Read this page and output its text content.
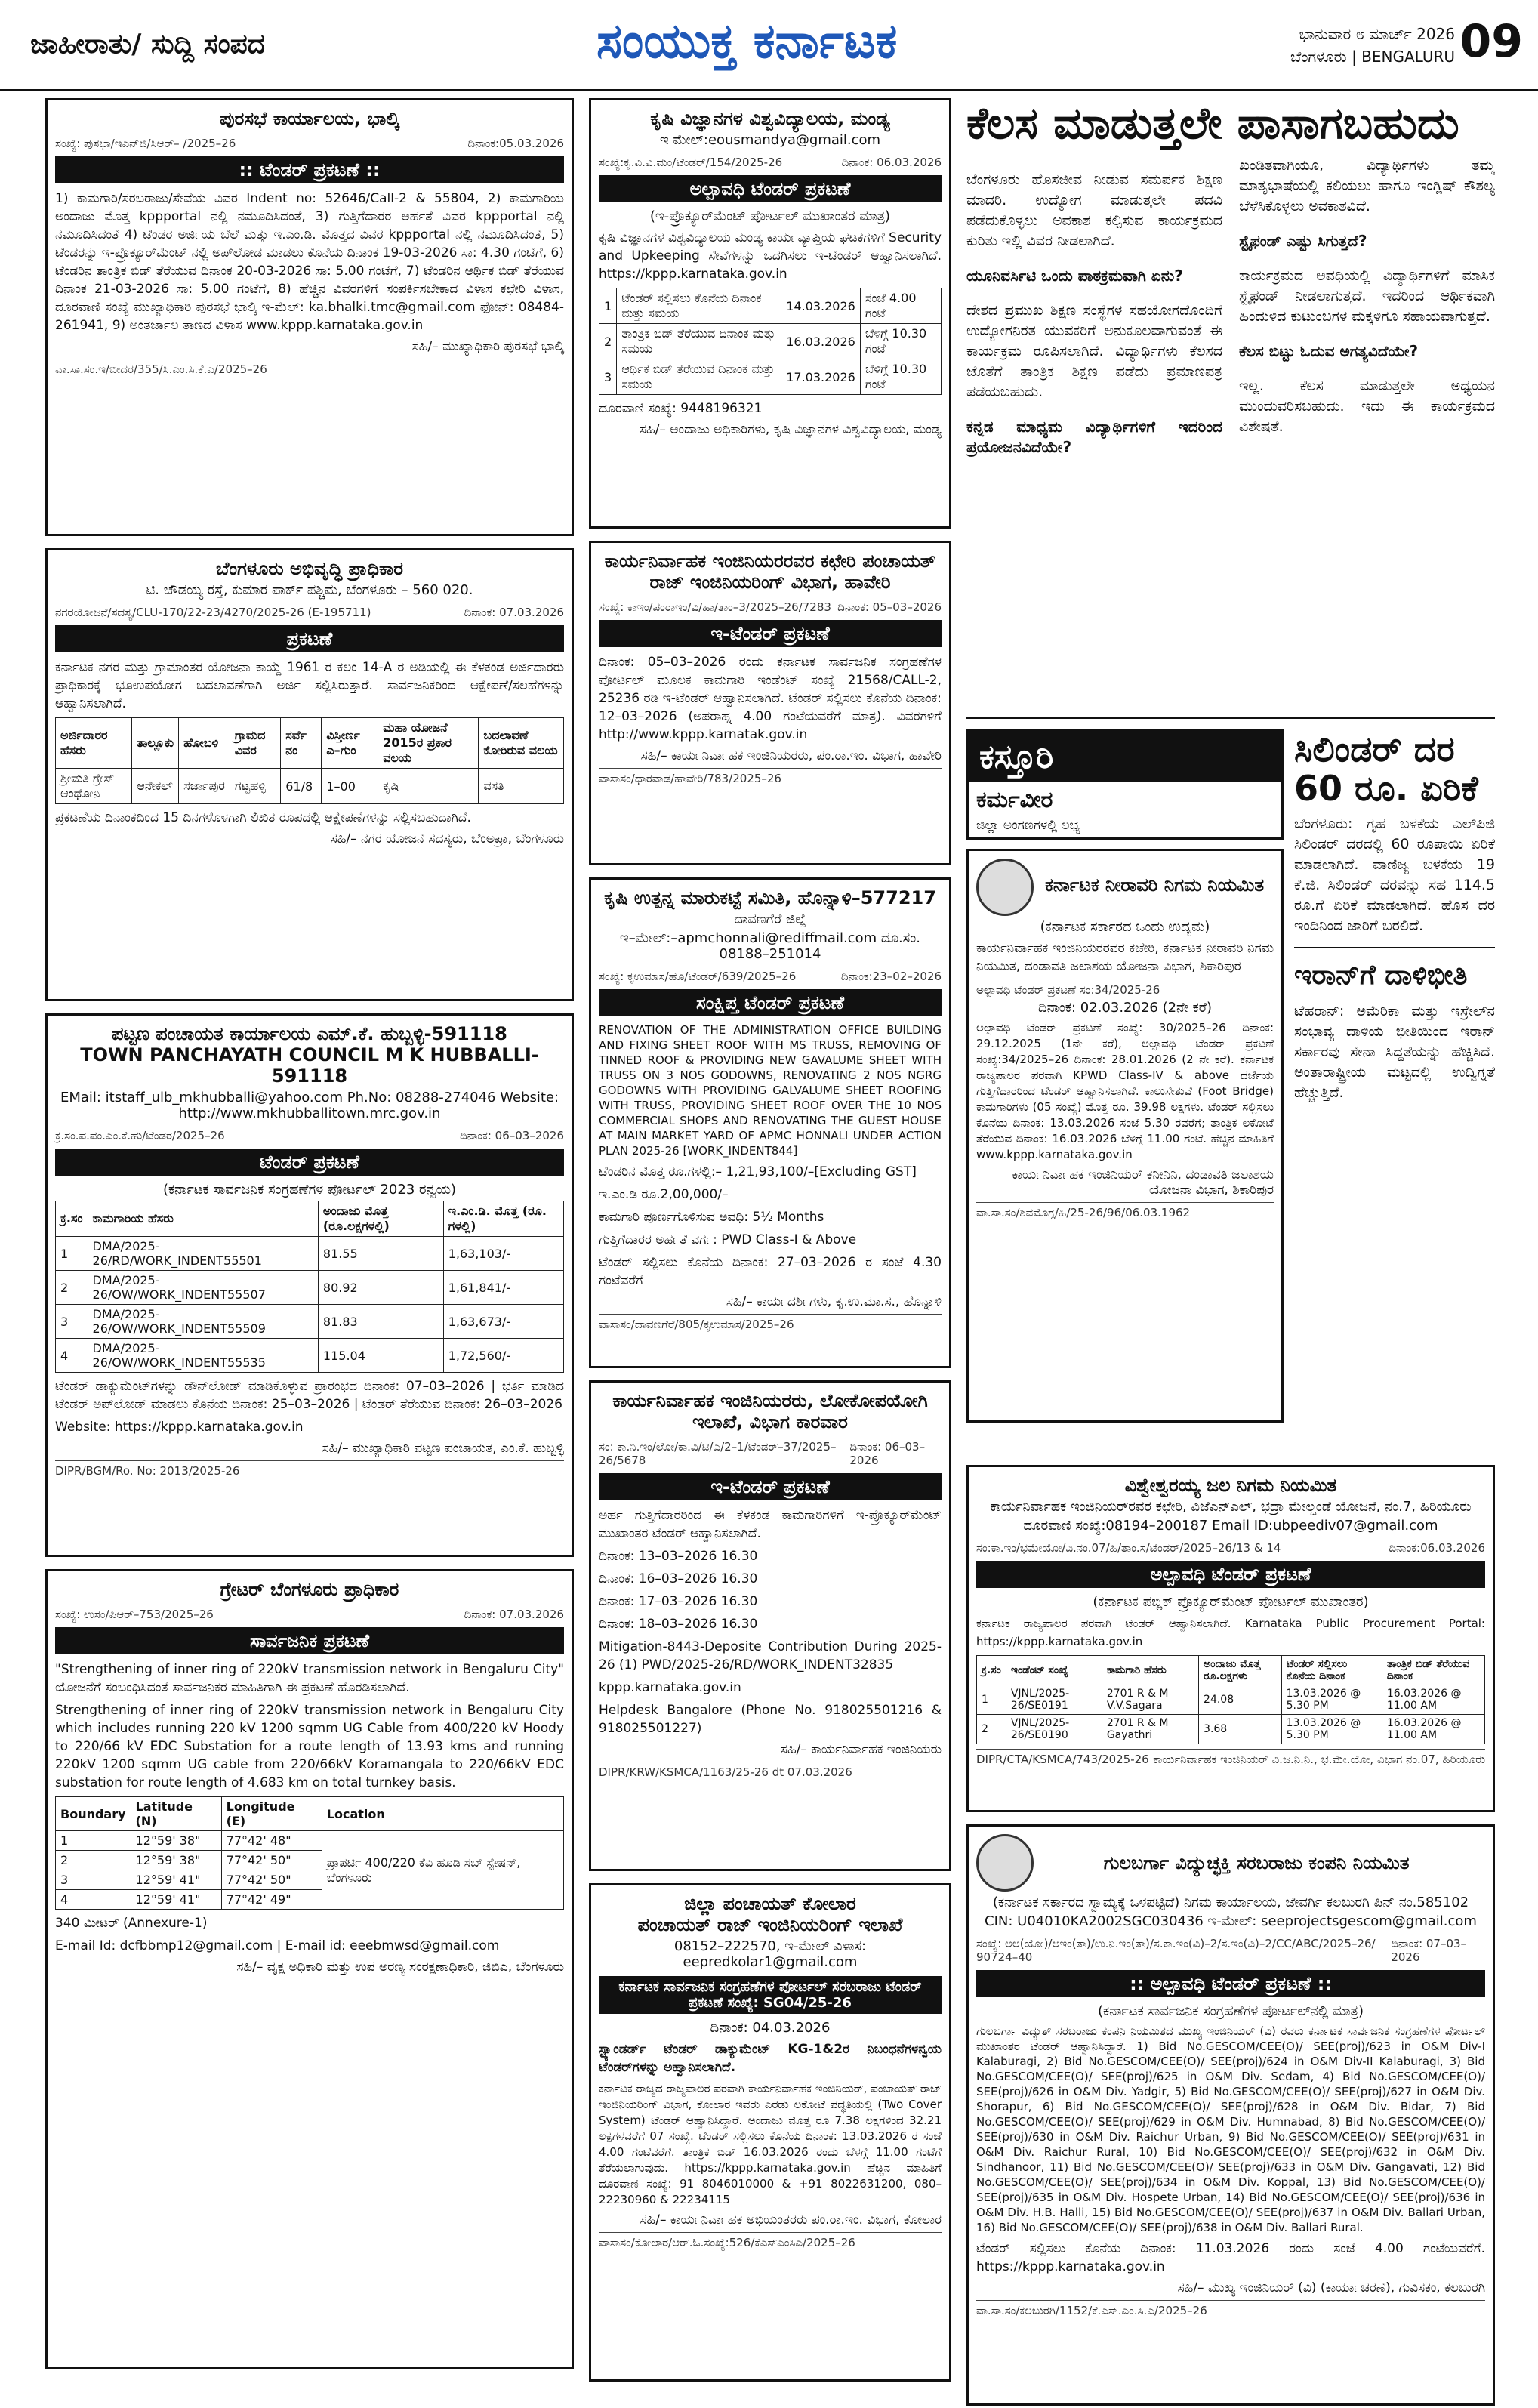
ಜಾಹೀರಾತು/ ಸುದ್ದಿ ಸಂಪದ	ಸಂಯುಕ್ತ ಕರ್ನಾಟಕ	ಭಾನುವಾರ ೮ ಮಾರ್ಚ್ 2026
ಬೆಂಗಳೂರು | BENGALURU 09
ಪುರಸಭೆ ಕಾರ್ಯಾಲಯ, ಭಾಲ್ಕಿ
ಸಂಖ್ಯೆ: ಪುಸಭಾ/ಇಎನ್‌ಜಿ/ಸಿಆರ್– /2025–26	ದಿನಾಂಕ:05.03.2026
:: ಟೆಂಡರ್ ಪ್ರಕಟಣೆ ::

1) ಕಾಮಗಾರಿ/ಸರಬರಾಜು/ಸೇವೆಯ ವಿವರ Indent no: 52646/Call-2 & 55804, 2) ಕಾಮಗಾರಿಯ ಅಂದಾಜು ಮೊತ್ತ kppportal ನಲ್ಲಿ ನಮೂದಿಸಿದಂತೆ, 3) ಗುತ್ತಿಗೆದಾರರ ಅರ್ಹತೆ ವಿವರ kppportal ನಲ್ಲಿ ನಮೂದಿಸಿದಂತೆ 4) ಟೆಂಡರ ಅರ್ಜಿಯ ಬೆಲೆ ಮತ್ತು ಇ.ಎಂ.ಡಿ. ಮೊತ್ತದ ವಿವರ kppportal ನಲ್ಲಿ ನಮೂದಿಸಿದಂತೆ, 5) ಟೆಂಡರನ್ನು ಇ-ಪ್ರೊಕ್ಯೂರ್‌ಮೆಂಟ್ ನಲ್ಲಿ ಅಪ್‌ಲೋಡ ಮಾಡಲು ಕೊನೆಯ ದಿನಾಂಕ 19-03-2026 ಸಾ: 4.30 ಗಂಟೆಗೆ, 6) ಟೆಂಡರಿನ ತಾಂತ್ರಿಕ ಬಿಡ್ ತೆರೆಯುವ ದಿನಾಂಕ 20-03-2026 ಸಾ: 5.00 ಗಂಟೆಗೆ, 7) ಟೆಂಡರಿನ ಆರ್ಥಿಕ ಬಿಡ್ ತೆರೆಯುವ ದಿನಾಂಕ 21-03-2026 ಸಾ: 5.00 ಗಂಟೆಗೆ, 8) ಹೆಚ್ಚಿನ ವಿವರಗಳಿಗೆ ಸಂಪರ್ಕಿಸಬೇಕಾದ ವಿಳಾಸ ಕಛೇರಿ ವಿಳಾಸ, ದೂರವಾಣಿ ಸಂಖ್ಯೆ ಮುಖ್ಯಾಧಿಕಾರಿ ಪುರಸಭೆ ಭಾಲ್ಕಿ ಇ-ಮೆಲ್: ka.bhalki.tmc@gmail.com ಫೋನ್: 08484-261941, 9) ಅಂತರ್ಜಾಲ ತಾಣದ ವಿಳಾಸ www.kppp.karnataka.gov.in

ಸಹಿ/– ಮುಖ್ಯಾಧಿಕಾರಿ ಪುರಸಭೆ ಭಾಲ್ಕಿ
ವಾ.ಸಾ.ಸಂ.ಇ/ಬೀದರ/355/ಸಿ.ಎಂ.ಸಿ.ಕೆ.ಎ/2025–26
ಬೆಂಗಳೂರು ಅಭಿವೃದ್ಧಿ ಪ್ರಾಧಿಕಾರ
ಟಿ. ಚೌಡಯ್ಯ ರಸ್ತೆ, ಕುಮಾರ ಪಾರ್ಕ್ ಪಶ್ಚಿಮ, ಬೆಂಗಳೂರು – 560 020.
ನಗರಯೋಜನೆ/ಸದಸ್ಯ/CLU-170/22-23/4270/2025-26 (E-195711)	ದಿನಾಂಕ: 07.03.2026
ಪ್ರಕಟಣೆ

ಕರ್ನಾಟಕ ನಗರ ಮತ್ತು ಗ್ರಾಮಾಂತರ ಯೋಜನಾ ಕಾಯ್ದೆ 1961 ರ ಕಲಂ 14-A ರ ಅಡಿಯಲ್ಲಿ ಈ ಕೆಳಕಂಡ ಅರ್ಜಿದಾರರು ಪ್ರಾಧಿಕಾರಕ್ಕೆ ಭೂಉಪಯೋಗ ಬದಲಾವಣೆಗಾಗಿ ಅರ್ಜಿ ಸಲ್ಲಿಸಿರುತ್ತಾರೆ. ಸಾರ್ವಜನಿಕರಿಂದ ಆಕ್ಷೇಪಣೆ/ಸಲಹೆಗಳನ್ನು ಆಹ್ವಾನಿಸಲಾಗಿದೆ.

ಅರ್ಜಿದಾರರ ಹೆಸರು	ತಾಲ್ಲೂಕು	ಹೋಬಳಿ	ಗ್ರಾಮದ ವಿವರ	ಸರ್ವೆ ನಂ	ವಿಸ್ತೀರ್ಣ ಎ–ಗುಂ	ಮಹಾ ಯೋಜನೆ 2015ರ ಪ್ರಕಾರ ವಲಯ	ಬದಲಾವಣೆ ಕೋರಿರುವ ವಲಯ
ಶ್ರೀಮತಿ ಗ್ರೇಸ್ ಆಂಥೋನಿ	ಆನೇಕಲ್	ಸರ್ಜಾಪುರ	ಗಟ್ಟಹಳ್ಳಿ	61/8	1–00	ಕೃಷಿ	ವಸತಿ

ಪ್ರಕಟಣೆಯ ದಿನಾಂಕದಿಂದ 15 ದಿನಗಳೊಳಗಾಗಿ ಲಿಖಿತ ರೂಪದಲ್ಲಿ ಆಕ್ಷೇಪಣೆಗಳನ್ನು ಸಲ್ಲಿಸಬಹುದಾಗಿದೆ.

ಸಹಿ/– ನಗರ ಯೋಜನೆ ಸದಸ್ಯರು, ಬೆಂಅಪ್ರಾ, ಬೆಂಗಳೂರು
ಪಟ್ಟಣ ಪಂಚಾಯತ ಕಾರ್ಯಾಲಯ ಎಮ್.ಕೆ. ಹುಬ್ಬಳ್ಳಿ-591118
TOWN PANCHAYATH COUNCIL M K HUBBALLI-591118
EMail: itstaff_ulb_mkhubballi@yahoo.com Ph.No: 08288-274046 Website: http://www.mkhubballitown.mrc.gov.in
ಕ್ರ.ಸಂ.ಪ.ಪಂ.ಎಂ.ಕೆ.ಹು/ಟೆಂಡರ/2025–26	ದಿನಾಂಕ: 06–03–2026
ಟೆಂಡರ್ ಪ್ರಕಟಣೆ
(ಕರ್ನಾಟಕ ಸಾರ್ವಜನಿಕ ಸಂಗ್ರಹಣೆಗಳ ಪೋರ್ಟಲ್ 2023 ರನ್ವಯ)
ಕ್ರ.ಸಂ	ಕಾಮಗಾರಿಯ ಹೆಸರು	ಅಂದಾಜು ಮೊತ್ತ (ರೂ.ಲಕ್ಷಗಳಲ್ಲಿ)	ಇ.ಎಂ.ಡಿ. ಮೊತ್ತ (ರೂ. ಗಳಲ್ಲಿ)
1	DMA/2025-26/RD/WORK_INDENT55501	81.55	1,63,103/-
2	DMA/2025-26/OW/WORK_INDENT55507	80.92	1,61,841/-
3	DMA/2025-26/OW/WORK_INDENT55509	81.83	1,63,673/-
4	DMA/2025-26/OW/WORK_INDENT55535	115.04	1,72,560/-

ಟೆಂಡರ್ ಡಾಕ್ಯುಮೆಂಟ್‌ಗಳನ್ನು ಡೌನ್‌ಲೋಡ್ ಮಾಡಿಕೊಳ್ಳುವ ಪ್ರಾರಂಭದ ದಿನಾಂಕ: 07–03–2026 | ಭರ್ತಿ ಮಾಡಿದ ಟೆಂಡರ್ ಅಪ್‌ಲೋಡ್ ಮಾಡಲು ಕೊನೆಯ ದಿನಾಂಕ: 25–03–2026 | ಟೆಂಡರ್ ತೆರೆಯುವ ದಿನಾಂಕ: 26–03–2026

Website: https://kppp.karnataka.gov.in

ಸಹಿ/– ಮುಖ್ಯಾಧಿಕಾರಿ ಪಟ್ಟಣ ಪಂಚಾಯತ, ಎಂ.ಕೆ. ಹುಬ್ಬಳ್ಳಿ
DIPR/BGM/Ro. No: 2013/2025-26
ಗ್ರೇಟರ್ ಬೆಂಗಳೂರು ಪ್ರಾಧಿಕಾರ
ಸಂಖ್ಯೆ: ಉಸಂ/ಪಿಆರ್–753/2025–26	ದಿನಾಂಕ: 07.03.2026
ಸಾರ್ವಜನಿಕ ಪ್ರಕಟಣೆ

"Strengthening of inner ring of 220kV transmission network in Bengaluru City" ಯೋಜನೆಗೆ ಸಂಬಂಧಿಸಿದಂತೆ ಸಾರ್ವಜನಿಕರ ಮಾಹಿತಿಗಾಗಿ ಈ ಪ್ರಕಟಣೆ ಹೊರಡಿಸಲಾಗಿದೆ.

Strengthening of inner ring of 220kV transmission network in Bengaluru City which includes running 220 kV 1200 sqmm UG Cable from 400/220 kV Hoody to 220/66 kV EDC Substation for a route length of 13.93 kms and running 220kV 1200 sqmm UG cable from 220/66kV Koramangala to 220/66kV EDC substation for route length of 4.683 km on total turnkey basis.

Boundary	Latitude (N)	Longitude (E)	Location
1	12°59' 38"	77°42' 48"	ಪ್ರಾಪರ್ಟಿ 400/220 ಕೆವಿ ಹೂಡಿ ಸಬ್ ಸ್ಟೇಷನ್, ಬೆಂಗಳೂರು
2	12°59' 38"	77°42' 50"	
3	12°59' 41"	77°42' 50"	
4	12°59' 41"	77°42' 49"	

340 ಮೀಟರ್ (Annexure-1)

E-mail Id: dcfbbmp12@gmail.com | E-mail id: eeebmwsd@gmail.com

ಸಹಿ/– ವೃಕ್ಷ ಅಧಿಕಾರಿ ಮತ್ತು ಉಪ ಅರಣ್ಯ ಸಂರಕ್ಷಣಾಧಿಕಾರಿ, ಜಿಬಿಎ, ಬೆಂಗಳೂರು
ಕೃಷಿ ವಿಜ್ಞಾನಗಳ ವಿಶ್ವವಿದ್ಯಾಲಯ, ಮಂಡ್ಯ
ಇ ಮೇಲ್:eousmandya@gmail.com
ಸಂಖ್ಯೆ:ಕೃ.ವಿ.ವಿ.ಮಂ/ಟೆಂಡರ್/154/2025-26	ದಿನಾಂಕ: 06.03.2026
ಅಲ್ಪಾವಧಿ ಟೆಂಡರ್ ಪ್ರಕಟಣೆ
(ಇ-ಪ್ರೊಕ್ಯೂರ್‌ಮೆಂಟ್ ಪೋರ್ಟಲ್ ಮುಖಾಂತರ ಮಾತ್ರ)

ಕೃಷಿ ವಿಜ್ಞಾನಗಳ ವಿಶ್ವವಿದ್ಯಾಲಯ ಮಂಡ್ಯ ಕಾರ್ಯವ್ಯಾಪ್ತಿಯ ಘಟಕಗಳಿಗೆ Security and Upkeeping ಸೇವೆಗಳನ್ನು ಒದಗಿಸಲು ಇ-ಟೆಂಡರ್ ಆಹ್ವಾನಿಸಲಾಗಿದೆ. https://kppp.karnataka.gov.in

1	ಟೆಂಡರ್ ಸಲ್ಲಿಸಲು ಕೊನೆಯ ದಿನಾಂಕ ಮತ್ತು ಸಮಯ	14.03.2026	ಸಂಜೆ 4.00 ಗಂಟೆ
2	ತಾಂತ್ರಿಕ ಬಿಡ್ ತೆರೆಯುವ ದಿನಾಂಕ ಮತ್ತು ಸಮಯ	16.03.2026	ಬೆಳಿಗ್ಗೆ 10.30 ಗಂಟೆ
3	ಆರ್ಥಿಕ ಬಿಡ್ ತೆರೆಯುವ ದಿನಾಂಕ ಮತ್ತು ಸಮಯ	17.03.2026	ಬೆಳಿಗ್ಗೆ 10.30 ಗಂಟೆ

ದೂರವಾಣಿ ಸಂಖ್ಯೆ: 9448196321

ಸಹಿ/– ಅಂದಾಜು ಅಧಿಕಾರಿಗಳು, ಕೃಷಿ ವಿಜ್ಞಾನಗಳ ವಿಶ್ವವಿದ್ಯಾಲಯ, ಮಂಡ್ಯ
ಕಾರ್ಯನಿರ್ವಾಹಕ ಇಂಜಿನಿಯರರವರ ಕಛೇರಿ ಪಂಚಾಯತ್ ರಾಜ್ ಇಂಜಿನಿಯರಿಂಗ್ ವಿಭಾಗ, ಹಾವೇರಿ
ಸಂಖ್ಯೆ: ಕಾಇಂ/ಪಂರಾಇಂ/ವಿ/ಹಾ/ತಾಂ–3/2025–26/7283 ದಿನಾಂಕ: 05–03–2026
ಇ-ಟೆಂಡರ್ ಪ್ರಕಟಣೆ

ದಿನಾಂಕ: 05–03–2026 ರಂದು ಕರ್ನಾಟಕ ಸಾರ್ವಜನಿಕ ಸಂಗ್ರಹಣೆಗಳ ಪೋರ್ಟಲ್ ಮೂಲಕ ಕಾಮಗಾರಿ ಇಂಡೆಂಟ್ ಸಂಖ್ಯೆ 21568/CALL-2, 25236 ರಡಿ ಇ-ಟೆಂಡರ್ ಆಹ್ವಾನಿಸಲಾಗಿದೆ. ಟೆಂಡರ್ ಸಲ್ಲಿಸಲು ಕೊನೆಯ ದಿನಾಂಕ: 12–03–2026 (ಅಪರಾಹ್ನ 4.00 ಗಂಟೆಯವರೆಗೆ ಮಾತ್ರ). ವಿವರಗಳಿಗೆ http://www.kppp.karnatak.gov.in

ಸಹಿ/– ಕಾರ್ಯನಿರ್ವಾಹಕ ಇಂಜಿನಿಯರರು, ಪಂ.ರಾ.ಇಂ. ವಿಭಾಗ, ಹಾವೇರಿ
ವಾಸಾಸಂ/ಧಾರವಾಡ/ಹಾವೇರಿ/783/2025–26
ಕೃಷಿ ಉತ್ಪನ್ನ ಮಾರುಕಟ್ಟೆ ಸಮಿತಿ, ಹೊನ್ನಾಳಿ–577217
ದಾವಣಗೆರೆ ಜಿಲ್ಲೆ
ಇ–ಮೇಲ್:–apmchonnali@rediffmail.com ದೂ.ಸಂ. 08188–251014
ಸಂಖ್ಯೆ: ಕೃಉಮಾಸ/ಹೊ/ಟೆಂಡರ್/639/2025–26	ದಿನಾಂಕ:23–02–2026
ಸಂಕ್ಷಿಪ್ತ ಟೆಂಡರ್ ಪ್ರಕಟಣೆ

RENOVATION OF THE ADMINISTRATION OFFICE BUILDING AND FIXING SHEET ROOF WITH MS TRUSS, REMOVING OF TINNED ROOF & PROVIDING NEW GAVALUME SHEET WITH TRUSS ON 3 NOS GODOWNS, RENOVATING 2 NOS NGRG GODOWNS WITH PROVIDING GALVALUME SHEET ROOFING WITH TRUSS, PROVIDING SHEET ROOF OVER THE 10 NOS COMMERCIAL SHOPS AND RENOVATING THE GUEST HOUSE AT MAIN MARKET YARD OF APMC HONNALI UNDER ACTION PLAN 2025-26 [WORK_INDENT844]

ಟೆಂಡರಿನ ಮೊತ್ತ ರೂ.ಗಳಲ್ಲಿ:– 1,21,93,100/–[Excluding GST]

ಇ.ಎಂ.ಡಿ ರೂ.2,00,000/–

ಕಾಮಗಾರಿ ಪೂರ್ಣಗೊಳಿಸುವ ಅವಧಿ: 5½ Months

ಗುತ್ತಿಗೆದಾರರ ಅರ್ಹತೆ ವರ್ಗ: PWD Class-I & Above

ಟೆಂಡರ್ ಸಲ್ಲಿಸಲು ಕೊನೆಯ ದಿನಾಂಕ: 27–03–2026 ರ ಸಂಜೆ 4.30 ಗಂಟೆವರೆಗೆ

ಸಹಿ/– ಕಾರ್ಯದರ್ಶಿಗಳು, ಕೃ.ಉ.ಮಾ.ಸ., ಹೊನ್ನಾಳಿ
ವಾಸಾಸಂ/ದಾವಣಗೆರೆ/805/ಕೃಉಮಾಸ/2025–26
ಕಾರ್ಯನಿರ್ವಾಹಕ ಇಂಜಿನಿಯರರು, ಲೋಕೋಪಯೋಗಿ ಇಲಾಖೆ, ವಿಭಾಗ ಕಾರವಾರ
ಸಂ: ಕಾ.ನಿ.ಇಂ/ಲೋ/ಕಾ.ವಿ/ಟಿ/ಎ/2–1/ಟೆಂಡರ್–37/2025–26/5678
ದಿನಾಂಕ: 06–03–2026
ಇ-ಟೆಂಡರ್ ಪ್ರಕಟಣೆ

ಅರ್ಹ ಗುತ್ತಿಗೆದಾರರಿಂದ ಈ ಕೆಳಕಂಡ ಕಾಮಗಾರಿಗಳಿಗೆ ಇ-ಪ್ರೊಕ್ಯೂರ್‌ಮೆಂಟ್ ಮುಖಾಂತರ ಟೆಂಡರ್ ಆಹ್ವಾನಿಸಲಾಗಿದೆ.

ದಿನಾಂಕ: 13–03–2026 16.30

ದಿನಾಂಕ: 16–03–2026 16.30

ದಿನಾಂಕ: 17–03–2026 16.30

ದಿನಾಂಕ: 18–03–2026 16.30

Mitigation-8443-Deposite Contribution During 2025-26 (1) PWD/2025-26/RD/WORK_INDENT32835

kppp.karnataka.gov.in

Helpdesk Bangalore (Phone No. 918025501216 & 918025501227)

ಸಹಿ/– ಕಾರ್ಯನಿರ್ವಾಹಕ ಇಂಜಿನಿಯರು
DIPR/KRW/KSMCA/1163/25-26 dt 07.03.2026
ಜಿಲ್ಲಾ ಪಂಚಾಯತ್ ಕೋಲಾರ
ಪಂಚಾಯತ್ ರಾಜ್ ಇಂಜಿನಿಯರಿಂಗ್ ಇಲಾಖೆ
08152–222570, ಇ-ಮೇಲ್ ವಿಳಾಸ: eepredkolar1@gmail.com
ಕರ್ನಾಟಕ ಸಾರ್ವಜನಿಕ ಸಂಗ್ರಹಣೆಗಳ ಪೋರ್ಟಲ್ ಸರಬರಾಜು ಟೆಂಡರ್ ಪ್ರಕಟಣೆ ಸಂಖ್ಯೆ: SG04/25-26
ದಿನಾಂಕ: 04.03.2026

ಸ್ಟ್ಯಾಂಡರ್ಡ್ ಟೆಂಡರ್ ಡಾಕ್ಯುಮೆಂಟ್ KG-1&2ರ ನಿಬಂಧನೆಗಳನ್ವಯ ಟೆಂಡರ್‌ಗಳನ್ನು ಅಹ್ವಾನಿಸಲಾಗಿದೆ.

ಕರ್ನಾಟಕ ರಾಜ್ಯದ ರಾಜ್ಯಪಾಲರ ಪರವಾಗಿ ಕಾರ್ಯನಿರ್ವಾಹಕ ಇಂಜಿನಿಯರ್, ಪಂಚಾಯತ್ ರಾಜ್ ಇಂಜಿನಿಯರಿಂಗ್ ವಿಭಾಗ, ಕೋಲಾರ ಇವರು ಎರಡು ಲಕೋಟೆ ಪದ್ಧತಿಯಲ್ಲಿ (Two Cover System) ಟೆಂಡರ್ ಆಹ್ವಾನಿಸಿದ್ದಾರೆ. ಅಂದಾಜು ಮೊತ್ತ ರೂ 7.38 ಲಕ್ಷಗಳಿಂದ 32.21 ಲಕ್ಷಗಳವರೆಗೆ 07 ಸಂಖ್ಯೆ. ಟೆಂಡರ್ ಸಲ್ಲಿಸಲು ಕೊನೆಯ ದಿನಾಂಕ: 13.03.2026 ರ ಸಂಜೆ 4.00 ಗಂಟೆವರೆಗೆ. ತಾಂತ್ರಿಕ ಬಿಡ್ 16.03.2026 ರಂದು ಬೆಳಗ್ಗೆ 11.00 ಗಂಟೆಗೆ ತೆರೆಯಲಾಗುವುದು. https://kppp.karnataka.gov.in ಹೆಚ್ಚಿನ ಮಾಹಿತಿಗೆ ದೂರವಾಣಿ ಸಂಖ್ಯೆ: 91 8046010000 & +91 8022631200, 080–22230960 & 22234115

ಸಹಿ/– ಕಾರ್ಯನಿರ್ವಾಹಕ ಅಭಿಯಂತರರು ಪಂ.ರಾ.ಇಂ. ವಿಭಾಗ, ಕೋಲಾರ
ವಾಸಾಸಂ/ಕೋಲಾರ/ಆರ್.ಓ.ಸಂಖ್ಯೆ:526/ಕೆಎಸ್‌ಎಂಸಿಎ/2025–26
ಕೆಲಸ ಮಾಡುತ್ತಲೇ ಪಾಸಾಗಬಹುದು

ಬೆಂಗಳೂರು ಹೊಸಜೀವ ನೀಡುವ ಸಮರ್ಪಕ ಶಿಕ್ಷಣ ಮಾದರಿ. ಉದ್ಯೋಗ ಮಾಡುತ್ತಲೇ ಪದವಿ ಪಡೆದುಕೊಳ್ಳಲು ಅವಕಾಶ ಕಲ್ಪಿಸುವ ಕಾರ್ಯಕ್ರಮದ ಕುರಿತು ಇಲ್ಲಿ ವಿವರ ನೀಡಲಾಗಿದೆ.

ಯೂನಿವರ್ಸಿಟಿ ಒಂದು ಪಾಠಕ್ರಮವಾಗಿ ಏನು?

ದೇಶದ ಪ್ರಮುಖ ಶಿಕ್ಷಣ ಸಂಸ್ಥೆಗಳ ಸಹಯೋಗದೊಂದಿಗೆ ಉದ್ಯೋಗನಿರತ ಯುವಕರಿಗೆ ಅನುಕೂಲವಾಗುವಂತೆ ಈ ಕಾರ್ಯಕ್ರಮ ರೂಪಿಸಲಾಗಿದೆ. ವಿದ್ಯಾರ್ಥಿಗಳು ಕೆಲಸದ ಜೊತೆಗೆ ತಾಂತ್ರಿಕ ಶಿಕ್ಷಣ ಪಡೆದು ಪ್ರಮಾಣಪತ್ರ ಪಡೆಯಬಹುದು.

ಕನ್ನಡ ಮಾಧ್ಯಮ ವಿದ್ಯಾರ್ಥಿಗಳಿಗೆ ಇದರಿಂದ ಪ್ರಯೋಜನವಿದೆಯೇ?

ಖಂಡಿತವಾಗಿಯೂ, ವಿದ್ಯಾರ್ಥಿಗಳು ತಮ್ಮ ಮಾತೃಭಾಷೆಯಲ್ಲಿ ಕಲಿಯಲು ಹಾಗೂ ಇಂಗ್ಲಿಷ್ ಕೌಶಲ್ಯ ಬೆಳೆಸಿಕೊಳ್ಳಲು ಅವಕಾಶವಿದೆ.

ಸ್ಟೈಫಂಡ್ ಎಷ್ಟು ಸಿಗುತ್ತದೆ?

ಕಾರ್ಯಕ್ರಮದ ಅವಧಿಯಲ್ಲಿ ವಿದ್ಯಾರ್ಥಿಗಳಿಗೆ ಮಾಸಿಕ ಸ್ಟೈಫಂಡ್ ನೀಡಲಾಗುತ್ತದೆ. ಇದರಿಂದ ಆರ್ಥಿಕವಾಗಿ ಹಿಂದುಳಿದ ಕುಟುಂಬಗಳ ಮಕ್ಕಳಿಗೂ ಸಹಾಯವಾಗುತ್ತದೆ.

ಕೆಲಸ ಬಿಟ್ಟು ಓದುವ ಅಗತ್ಯವಿದೆಯೇ?

ಇಲ್ಲ. ಕೆಲಸ ಮಾಡುತ್ತಲೇ ಅಧ್ಯಯನ ಮುಂದುವರಿಸಬಹುದು. ಇದು ಈ ಕಾರ್ಯಕ್ರಮದ ವಿಶೇಷತೆ.

ಕಸ್ತೂರಿ
ಕರ್ಮವೀರ
ಜಿಲ್ಲಾ ಅಂಗಣಗಳಲ್ಲಿ ಲಭ್ಯ
ಕರ್ನಾಟಕ ನೀರಾವರಿ ನಿಗಮ ನಿಯಮಿತ
(ಕರ್ನಾಟಕ ಸರ್ಕಾರದ ಒಂದು ಉದ್ಯಮ)

ಕಾರ್ಯನಿರ್ವಾಹಕ ಇಂಜಿನಿಯರರವರ ಕಚೇರಿ, ಕರ್ನಾಟಕ ನೀರಾವರಿ ನಿಗಮ ನಿಯಮಿತ, ದಂಡಾವತಿ ಜಲಾಶಯ ಯೋಜನಾ ವಿಭಾಗ, ಶಿಕಾರಿಪುರ

ಅಲ್ಪಾವಧಿ ಟೆಂಡರ್ ಪ್ರಕಟಣೆ ಸಂ:34/2025-26
ದಿನಾಂಕ: 02.03.2026 (2ನೇ ಕರೆ)

ಅಲ್ಪಾವಧಿ ಟೆಂಡರ್ ಪ್ರಕಟಣೆ ಸಂಖ್ಯೆ: 30/2025–26 ದಿನಾಂಕ: 29.12.2025 (1ನೇ ಕರೆ), ಅಲ್ಪಾವಧಿ ಟೆಂಡರ್ ಪ್ರಕಟಣೆ ಸಂಖ್ಯೆ:34/2025–26 ದಿನಾಂಕ: 28.01.2026 (2 ನೇ ಕರೆ). ಕರ್ನಾಟಕ ರಾಜ್ಯಪಾಲರ ಪರವಾಗಿ KPWD Class-IV & above ದರ್ಜೆಯ ಗುತ್ತಿಗೆದಾರರಿಂದ ಟೆಂಡರ್ ಆಹ್ವಾನಿಸಲಾಗಿದೆ. ಕಾಲುಸೇತುವೆ (Foot Bridge) ಕಾಮಗಾರಿಗಳು (05 ಸಂಖ್ಯೆ) ಮೊತ್ತ ರೂ. 39.98 ಲಕ್ಷಗಳು. ಟೆಂಡರ್ ಸಲ್ಲಿಸಲು ಕೊನೆಯ ದಿನಾಂಕ: 13.03.2026 ಸಂಜೆ 5.30 ರವರೆಗೆ; ತಾಂತ್ರಿಕ ಲಕೋಟೆ ತೆರೆಯುವ ದಿನಾಂಕ: 16.03.2026 ಬೆಳಿಗ್ಗೆ 11.00 ಗಂಟೆ. ಹೆಚ್ಚಿನ ಮಾಹಿತಿಗೆ www.kppp.karnataka.gov.in

ಕಾರ್ಯನಿರ್ವಾಹಕ ಇಂಜಿನಿಯರ್ ಕನೀನಿನಿ, ದಂಡಾವತಿ ಜಲಾಶಯ ಯೋಜನಾ ವಿಭಾಗ, ಶಿಕಾರಿಪುರ
ವಾ.ಸಾ.ಸಂ/ಶಿವಮೊಗ್ಗ/ಹಿ/25-26/96/06.03.1962
ಸಿಲಿಂಡರ್ ದರ 60 ರೂ. ಏರಿಕೆ

ಬೆಂಗಳೂರು: ಗೃಹ ಬಳಕೆಯ ಎಲ್‌ಪಿಜಿ ಸಿಲಿಂಡರ್ ದರದಲ್ಲಿ 60 ರೂಪಾಯಿ ಏರಿಕೆ ಮಾಡಲಾಗಿದೆ. ವಾಣಿಜ್ಯ ಬಳಕೆಯ 19 ಕೆ.ಜಿ. ಸಿಲಿಂಡರ್ ದರವನ್ನು ಸಹ 114.5 ರೂ.ಗೆ ಏರಿಕೆ ಮಾಡಲಾಗಿದೆ. ಹೊಸ ದರ ಇಂದಿನಿಂದ ಜಾರಿಗೆ ಬರಲಿದೆ.

ಇರಾನ್‌ಗೆ ದಾಳಿಭೀತಿ

ಟೆಹರಾನ್: ಅಮೆರಿಕಾ ಮತ್ತು ಇಸ್ರೇಲ್‌ನ ಸಂಭಾವ್ಯ ದಾಳಿಯ ಭೀತಿಯಿಂದ ಇರಾನ್ ಸರ್ಕಾರವು ಸೇನಾ ಸಿದ್ಧತೆಯನ್ನು ಹೆಚ್ಚಿಸಿದೆ. ಅಂತಾರಾಷ್ಟ್ರೀಯ ಮಟ್ಟದಲ್ಲಿ ಉದ್ವಿಗ್ನತೆ ಹೆಚ್ಚುತ್ತಿದೆ.

ವಿಶ್ವೇಶ್ವರಯ್ಯ ಜಲ ನಿಗಮ ನಿಯಮಿತ
ಕಾರ್ಯನಿರ್ವಾಹಕ ಇಂಜಿನಿಯರ್‌ರವರ ಕಛೇರಿ, ವಿಜೆಎನ್‌ಎಲ್, ಭದ್ರಾ ಮೇಲ್ದಂಡೆ ಯೋಜನೆ, ನಂ.7, ಹಿರಿಯೂರು
ದೂರವಾಣಿ ಸಂಖ್ಯೆ:08194–200187 Email ID:ubpeediv07@gmail.com
ಸಂ:ಕಾ.ಇಂ/ಭಮೇಯೋ/ವಿ.ನಂ.07/ಹಿ/ತಾಂ.ಸ/ಟೆಂಡರ್/2025–26/13 & 14	ದಿನಾಂಕ:06.03.2026
ಅಲ್ಪಾವಧಿ ಟೆಂಡರ್ ಪ್ರಕಟಣೆ
(ಕರ್ನಾಟಕ ಪಬ್ಲಿಕ್ ಪ್ರೊಕ್ಯೂರ್‌ಮೆಂಟ್ ಪೋರ್ಟಲ್ ಮುಖಾಂತರ)

ಕರ್ನಾಟಕ ರಾಜ್ಯಪಾಲರ ಪರವಾಗಿ ಟೆಂಡರ್ ಆಹ್ವಾನಿಸಲಾಗಿದೆ. Karnataka Public Procurement Portal: https://kppp.karnataka.gov.in

ಕ್ರ.ಸಂ	ಇಂಡೆಂಟ್ ಸಂಖ್ಯೆ	ಕಾಮಗಾರಿ ಹೆಸರು	ಅಂದಾಜು ಮೊತ್ತ ರೂ.ಲಕ್ಷಗಳು	ಟೆಂಡರ್ ಸಲ್ಲಿಸಲು ಕೊನೆಯ ದಿನಾಂಕ	ತಾಂತ್ರಿಕ ಬಿಡ್ ತೆರೆಯುವ ದಿನಾಂಕ
1	VJNL/2025-26/SE0191	2701 R & M V.V.Sagara	24.08	13.03.2026 @ 5.30 PM	16.03.2026 @ 11.00 AM
2	VJNL/2025-26/SE0190	2701 R & M Gayathri	3.68	13.03.2026 @ 5.30 PM	16.03.2026 @ 11.00 AM
DIPR/CTA/KSMCA/743/2025-26 ಕಾರ್ಯನಿರ್ವಾಹಕ ಇಂಜಿನಿಯರ್ ವಿ.ಜ.ನಿ.ನಿ., ಭ.ಮೇ.ಯೋ, ವಿಭಾಗ ನಂ.07, ಹಿರಿಯೂರು
ಗುಲಬರ್ಗಾ ವಿದ್ಯುಚ್ಛಕ್ತಿ ಸರಬರಾಜು ಕಂಪನಿ ನಿಯಮಿತ
(ಕರ್ನಾಟಕ ಸರ್ಕಾರದ ಸ್ವಾಮ್ಯಕ್ಕೆ ಒಳಪಟ್ಟಿದೆ) ನಿಗಮ ಕಾರ್ಯಾಲಯ, ಜೇವರ್ಗಿ ಕಲಬುರಗಿ ಪಿನ್ ನಂ.585102
CIN: U04010KA2002SGC030436 ಇ-ಮೇಲ್: seeprojectsgescom@gmail.com
ಸಂಖ್ಯೆ: ಅಅ(ಯೋ)/ಅಇಂ(ತಾ)/ಉ.ನಿ.ಇಂ(ತಾ)/ಸ.ಕಾ.ಇಂ(ವಿ)–2/ಸ.ಇಂ(ವಿ)–2/CC/ABC/2025–26/ 90724–40
ದಿನಾಂಕ: 07–03–2026
:: ಅಲ್ಪಾವಧಿ ಟೆಂಡರ್ ಪ್ರಕಟಣೆ ::
(ಕರ್ನಾಟಕ ಸಾರ್ವಜನಿಕ ಸಂಗ್ರಹಣೆಗಳ ಪೋರ್ಟಲ್‌ನಲ್ಲಿ ಮಾತ್ರ)

ಗುಲಬರ್ಗಾ ವಿದ್ಯುತ್ ಸರಬರಾಜು ಕಂಪನಿ ನಿಯಮಿತದ ಮುಖ್ಯ ಇಂಜಿನಿಯರ್ (ವಿ) ರವರು ಕರ್ನಾಟಕ ಸಾರ್ವಜನಿಕ ಸಂಗ್ರಹಣೆಗಳ ಪೋರ್ಟಲ್ ಮುಖಾಂತರ ಟೆಂಡರ್ ಆಹ್ವಾನಿಸಿದ್ದಾರೆ. 1) Bid No.GESCOM/CEE(O)/ SEE(proj)/623 in O&M Div-I Kalaburagi, 2) Bid No.GESCOM/CEE(O)/ SEE(proj)/624 in O&M Div-II Kalaburagi, 3) Bid No.GESCOM/CEE(O)/ SEE(proj)/625 in O&M Div. Sedam, 4) Bid No.GESCOM/CEE(O)/ SEE(proj)/626 in O&M Div. Yadgir, 5) Bid No.GESCOM/CEE(O)/ SEE(proj)/627 in O&M Div. Shorapur, 6) Bid No.GESCOM/CEE(O)/ SEE(proj)/628 in O&M Div. Bidar, 7) Bid No.GESCOM/CEE(O)/ SEE(proj)/629 in O&M Div. Humnabad, 8) Bid No.GESCOM/CEE(O)/ SEE(proj)/630 in O&M Div. Raichur Urban, 9) Bid No.GESCOM/CEE(O)/ SEE(proj)/631 in O&M Div. Raichur Rural, 10) Bid No.GESCOM/CEE(O)/ SEE(proj)/632 in O&M Div. Sindhanoor, 11) Bid No.GESCOM/CEE(O)/ SEE(proj)/633 in O&M Div. Gangavati, 12) Bid No.GESCOM/CEE(O)/ SEE(proj)/634 in O&M Div. Koppal, 13) Bid No.GESCOM/CEE(O)/ SEE(proj)/635 in O&M Div. Hospete Urban, 14) Bid No.GESCOM/CEE(O)/ SEE(proj)/636 in O&M Div. H.B. Halli, 15) Bid No.GESCOM/CEE(O)/ SEE(proj)/637 in O&M Div. Ballari Urban, 16) Bid No.GESCOM/CEE(O)/ SEE(proj)/638 in O&M Div. Ballari Rural.

ಟೆಂಡರ್ ಸಲ್ಲಿಸಲು ಕೊನೆಯ ದಿನಾಂಕ: 11.03.2026 ರಂದು ಸಂಜೆ 4.00 ಗಂಟೆಯವರೆಗೆ. https://kppp.karnataka.gov.in

ಸಹಿ/– ಮುಖ್ಯ ಇಂಜಿನಿಯರ್ (ವಿ) (ಕಾರ್ಯಾಚರಣೆ), ಗುವಿಸಕಂ, ಕಲಬುರಗಿ
ವಾ.ಸಾ.ಸಂ/ಕಲಬುರಗಿ/1152/ಕೆ.ಎಸ್.ಎಂ.ಸಿ.ಎ/2025–26
